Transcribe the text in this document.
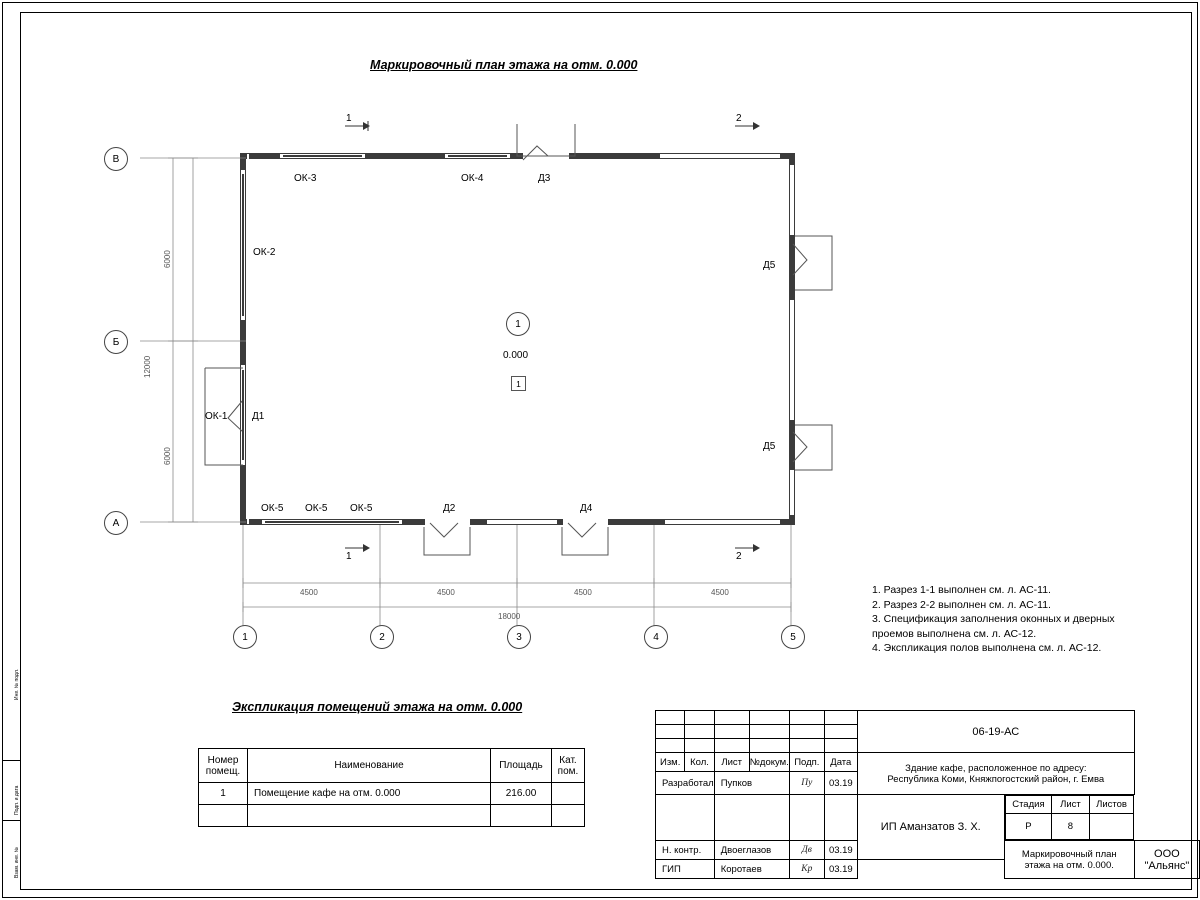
Инв. № подл.
Подп. и дата
Взам. инв. №
Маркировочный план этажа на отм. 0.000
В
Б
А
1	2	3	4	5
1	2
1	2
6000
6000
12000
4500	4500	4500	4500
18000
ОК-3	ОК-4	Д3
ОК-2
Д5
Д5
ОК-1 Д1
ОК-5 ОК-5 ОК-5	Д2	Д4
1
0.000
1
1. Разрез 1-1 выполнен см. л. АС-11.
2. Разрез 2-2 выполнен см. л. АС-11.
3. Спецификация заполнения оконных и дверных
проемов выполнена см. л. АС-12.
4. Экспликация полов выполнена см. л. АС-12.
Экспликация помещений этажа на отм. 0.000
Номер помещ.	Наименование	Площадь	Кат. пом.

1	Помещение кафе на отм. 0.000	216.00	

						06-19-АС

Изм.	Кол.	Лист	№докум.	Подп.	Дата	
Здание кафе, расположенное по адресу:
Республика Коми, Княжпогостский район, г. Емва

Разработал	Пупков	Пу	03.19
				ИП Аманзатов З. Х.	
Стадия	Лист	Листов
Р	8	

Н. контр.	Двоеглазов	Дв	03.19	Маркировочный план
этажа на отм. 0.000.
	ООО "Альянс"
ГИП	Коротаев	Кр	03.19
